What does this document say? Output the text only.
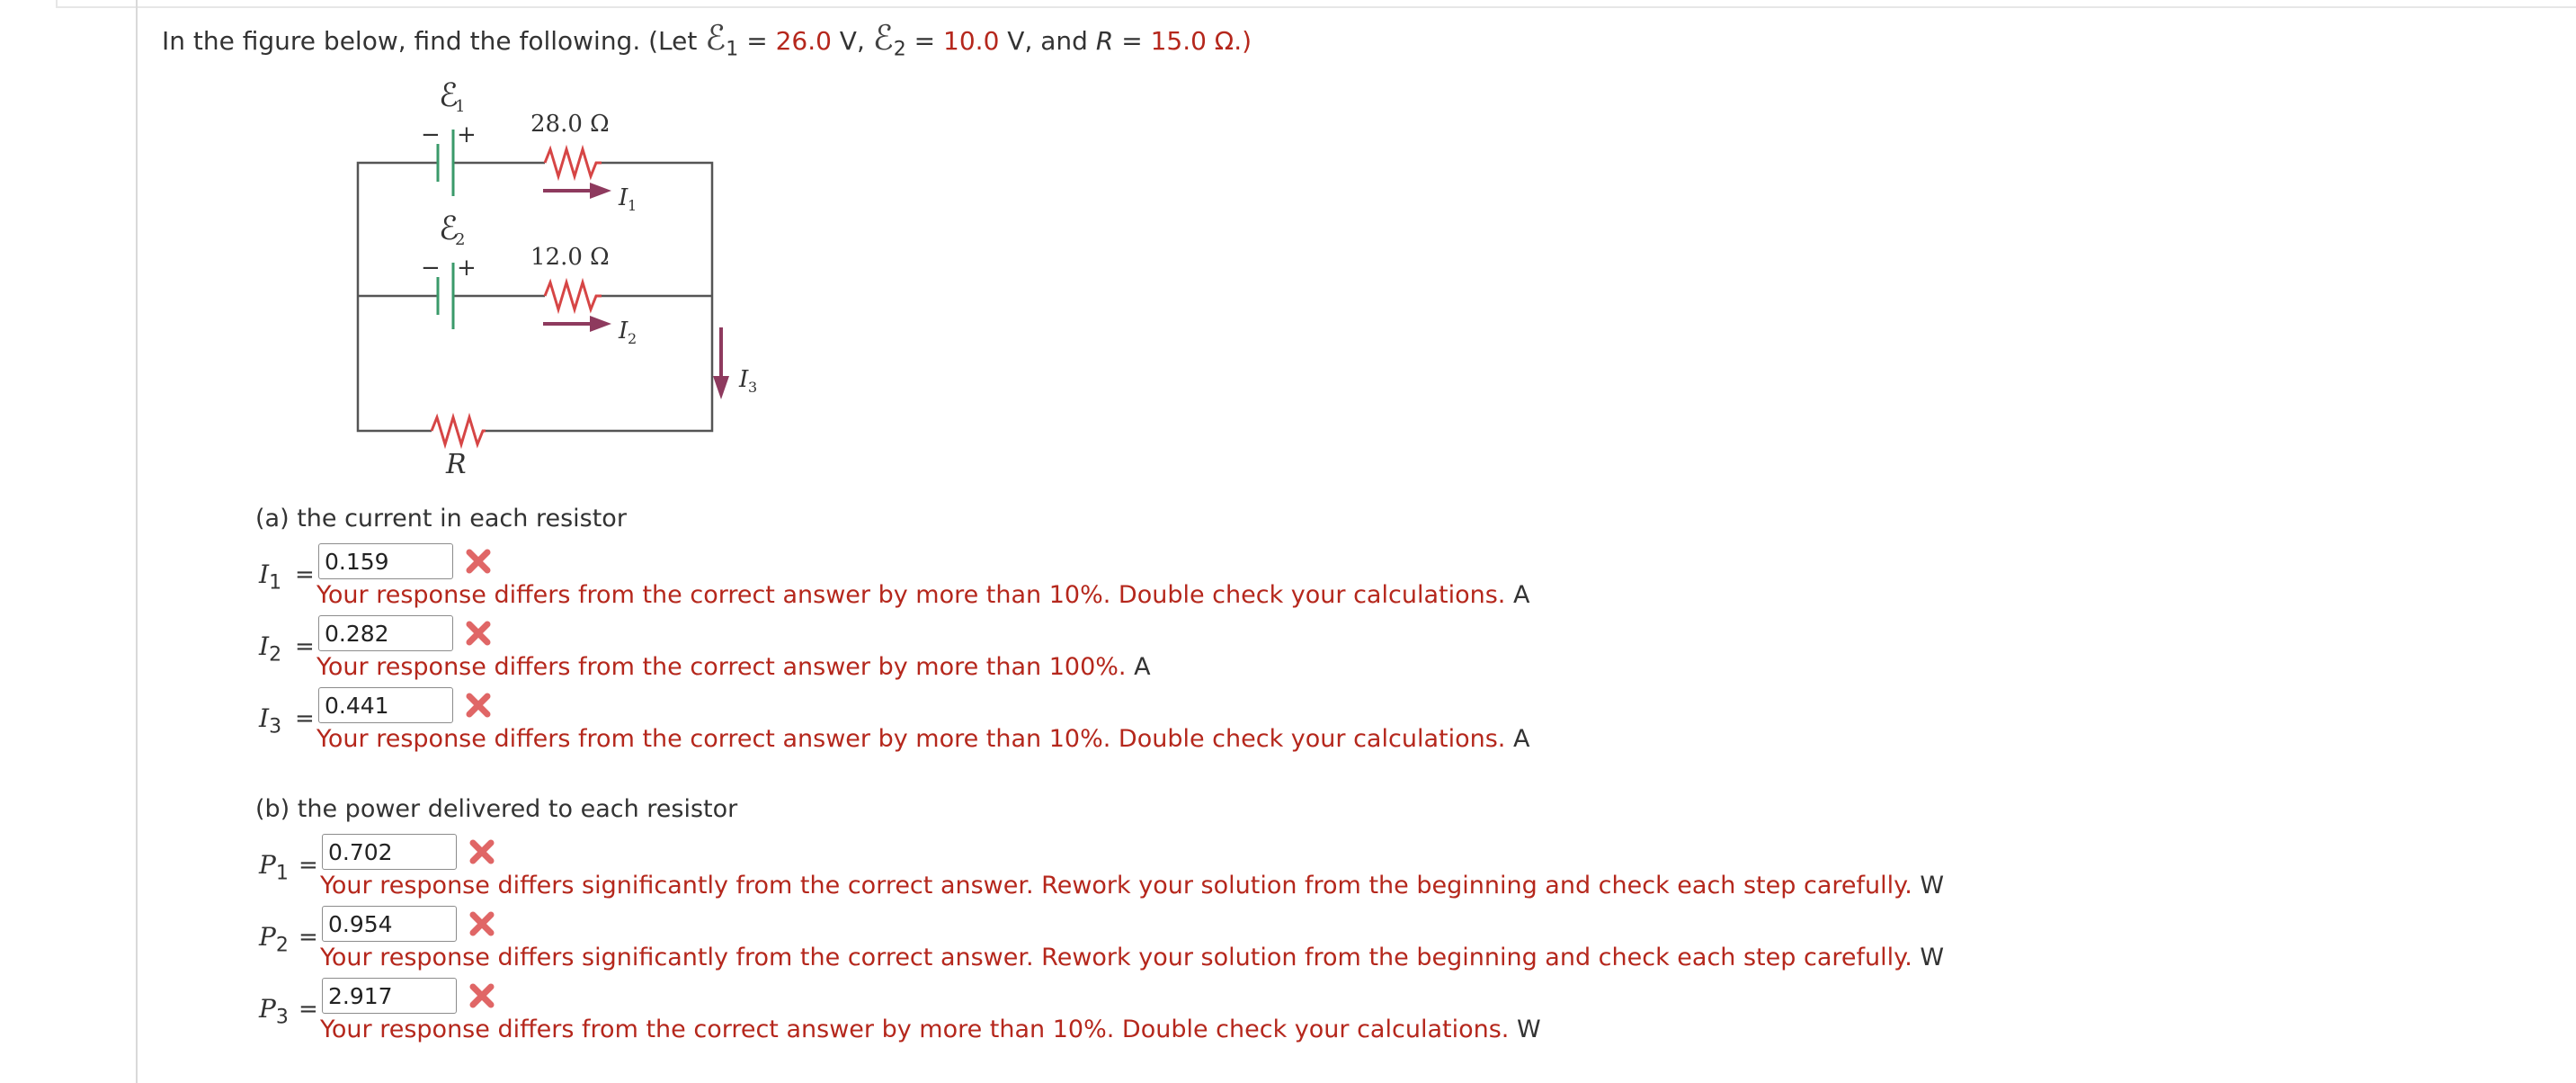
In the figure below, find the following. (Let ℰ$_1$ = 26.0 V, ℰ$_2$ = 10.0 V, and R = 15.0 Ω.)
ℰ
1
ℰ
2
− +
− +
28.0 Ω
12.0 Ω
R
I 1
I 2
I 3
(a) the current in each resistor
$I_1$ =
0.159
Your response differs from the correct answer by more than 10%. Double check your calculations. A
$I_2$ =
0.282
Your response differs from the correct answer by more than 100%. A
$I_3$ =
0.441
Your response differs from the correct answer by more than 10%. Double check your calculations. A
(b) the power delivered to each resistor
$P_1$ =
0.702
Your response differs significantly from the correct answer. Rework your solution from the beginning and check each step carefully. W
$P_2$ =
0.954
Your response differs significantly from the correct answer. Rework your solution from the beginning and check each step carefully. W
$P_3$ =
2.917
Your response differs from the correct answer by more than 10%. Double check your calculations. W
